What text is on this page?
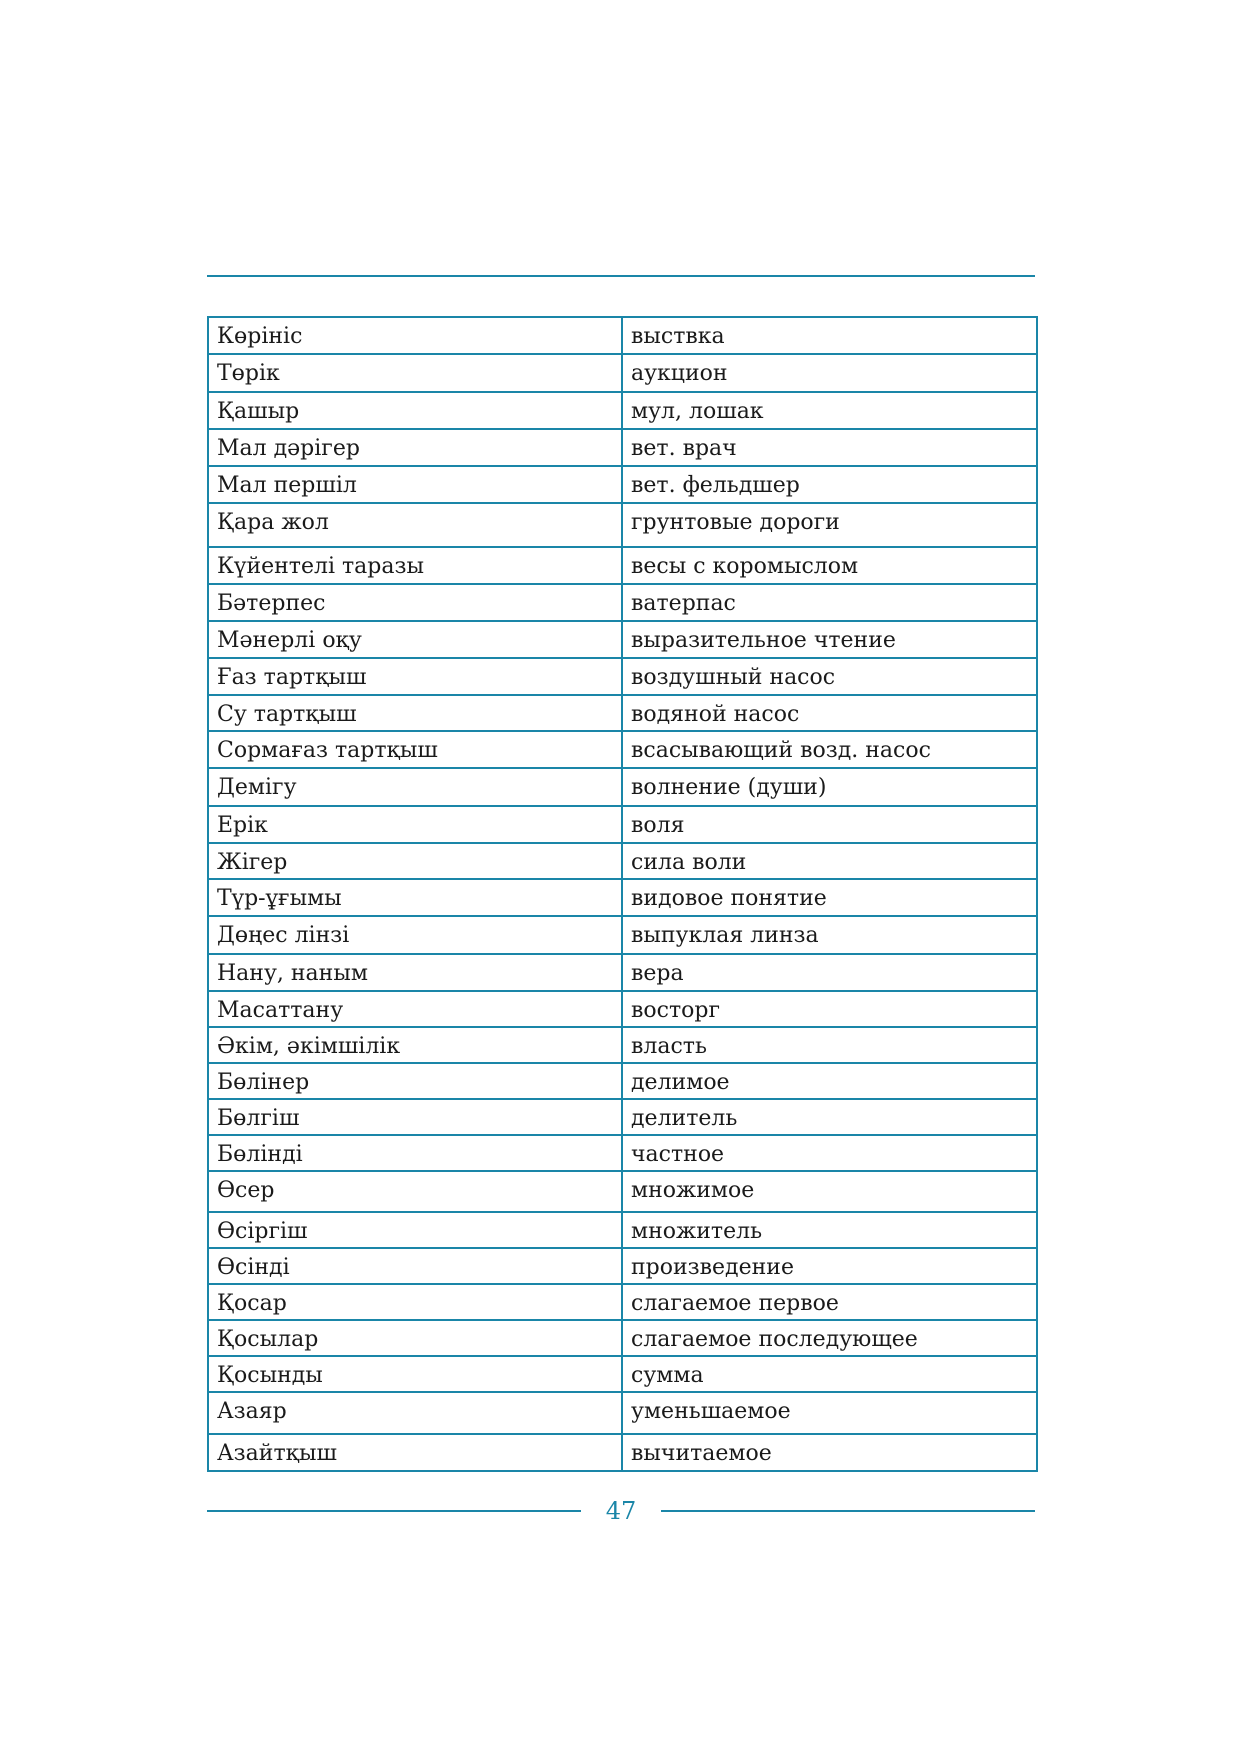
Көрініс	выствка
Төрік	аукцион
Қашыр	мул, лошак
Мал дәрігер	вет. врач
Мал першіл	вет. фельдшер
Қара жол	грунтовые дороги
Күйентелі таразы	весы с коромыслом
Бәтерпес	ватерпас
Мәнерлі оқу	выразительное чтение
Ғаз тартқыш	воздушный насос
Су тартқыш	водяной насос
Сормағаз тартқыш	всасывающий возд. насос
Демігу	волнение (души)
Ерік	воля
Жігер	сила воли
Түр-ұғымы	видовое понятие
Дөңес лінзі	выпуклая линза
Нану, наным	вера
Масаттану	восторг
Әкім, әкімшілік	власть
Бөлінер	делимое
Бөлгіш	делитель
Бөлінді	частное
Өсер	множимое
Өсіргіш	множитель
Өсінді	произведение
Қосар	слагаемое первое
Қосылар	слагаемое последующее
Қосынды	сумма
Азаяр	уменьшаемое
Азайтқыш	вычитаемое
47
